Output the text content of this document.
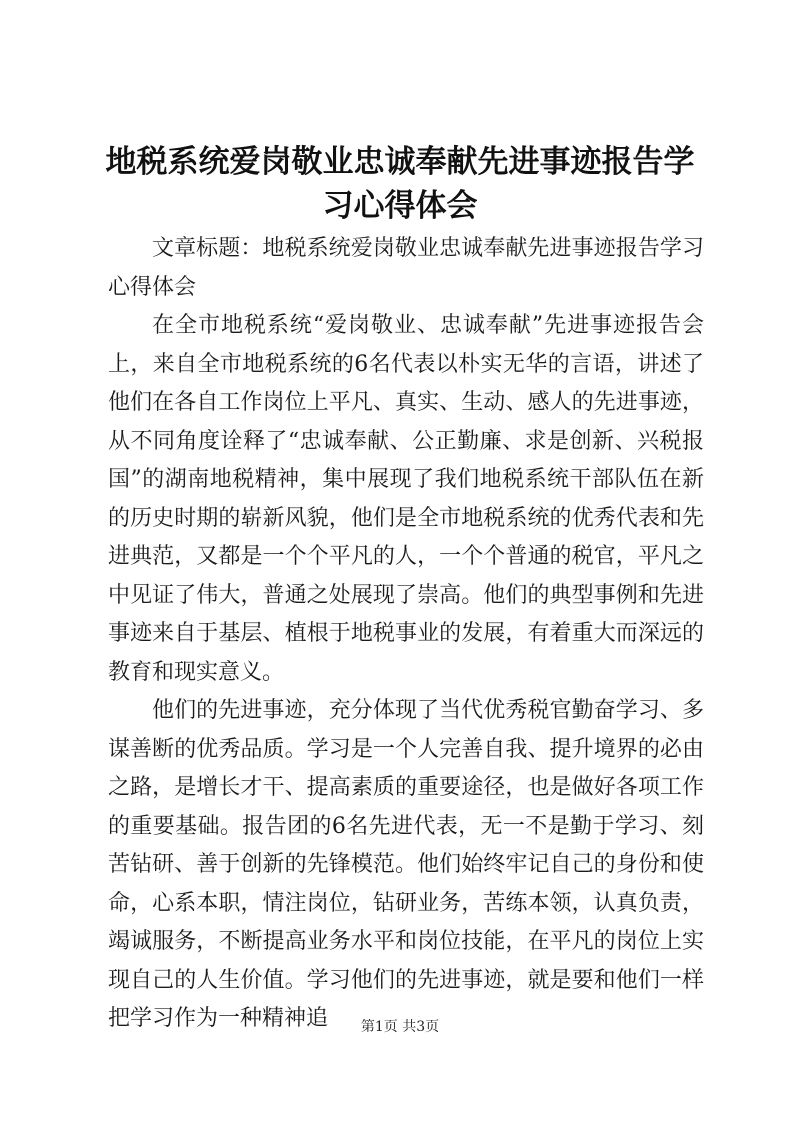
地税系统爱岗敬业忠诚奉献先进事迹报告学习心得体会

文章标题：地税系统爱岗敬业忠诚奉献先进事迹报告学习心得体会

在全市地税系统“爱岗敬业、忠诚奉献”先进事迹报告会上，来自全市地税系统的6名代表以朴实无华的言语，讲述了他们在各自工作岗位上平凡、真实、生动、感人的先进事迹，从不同角度诠释了“忠诚奉献、公正勤廉、求是创新、兴税报国”的湖南地税精神，集中展现了我们地税系统干部队伍在新的历史时期的崭新风貌，他们是全市地税系统的优秀代表和先进典范，又都是一个个平凡的人，一个个普通的税官，平凡之中见证了伟大，普通之处展现了崇高。他们的典型事例和先进事迹来自于基层、植根于地税事业的发展，有着重大而深远的教育和现实意义。

他们的先进事迹，充分体现了当代优秀税官勤奋学习、多谋善断的优秀品质。学习是一个人完善自我、提升境界的必由之路，是增长才干、提高素质的重要途径，也是做好各项工作的重要基础。报告团的6名先进代表，无一不是勤于学习、刻苦钻研、善于创新的先锋模范。他们始终牢记自己的身份和使命，心系本职，情注岗位，钻研业务，苦练本领，认真负责，竭诚服务，不断提高业务水平和岗位技能，在平凡的岗位上实现自己的人生价值。学习他们的先进事迹，就是要和他们一样把学习作为一种精神追	第1页 共3页
